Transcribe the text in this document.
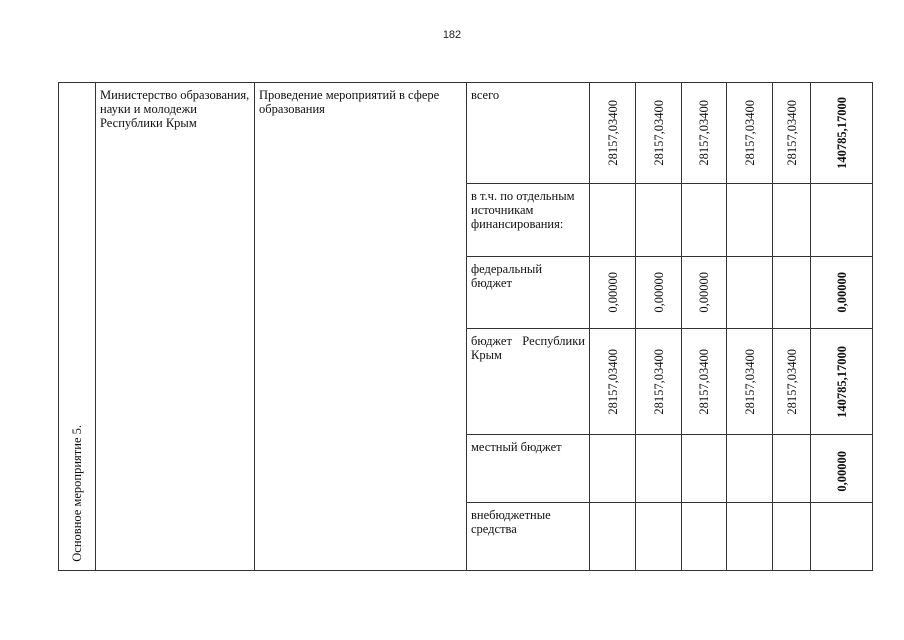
182
Основное мероприятие 5.	Министерство образования, науки и молодежи Республики Крым	Проведение мероприятий в сфере образования	всего	28157,03400	28157,03400	28157,03400	28157,03400	28157,03400	140785,17000

			в т.ч. по отдельным источникам финансирования:						

			федеральный бюджет	0,00000	0,00000	0,00000			0,00000

			бюджет Республики Крым	28157,03400	28157,03400	28157,03400	28157,03400	28157,03400	140785,17000

			местный бюджет						0,00000

			внебюджетные средства						
